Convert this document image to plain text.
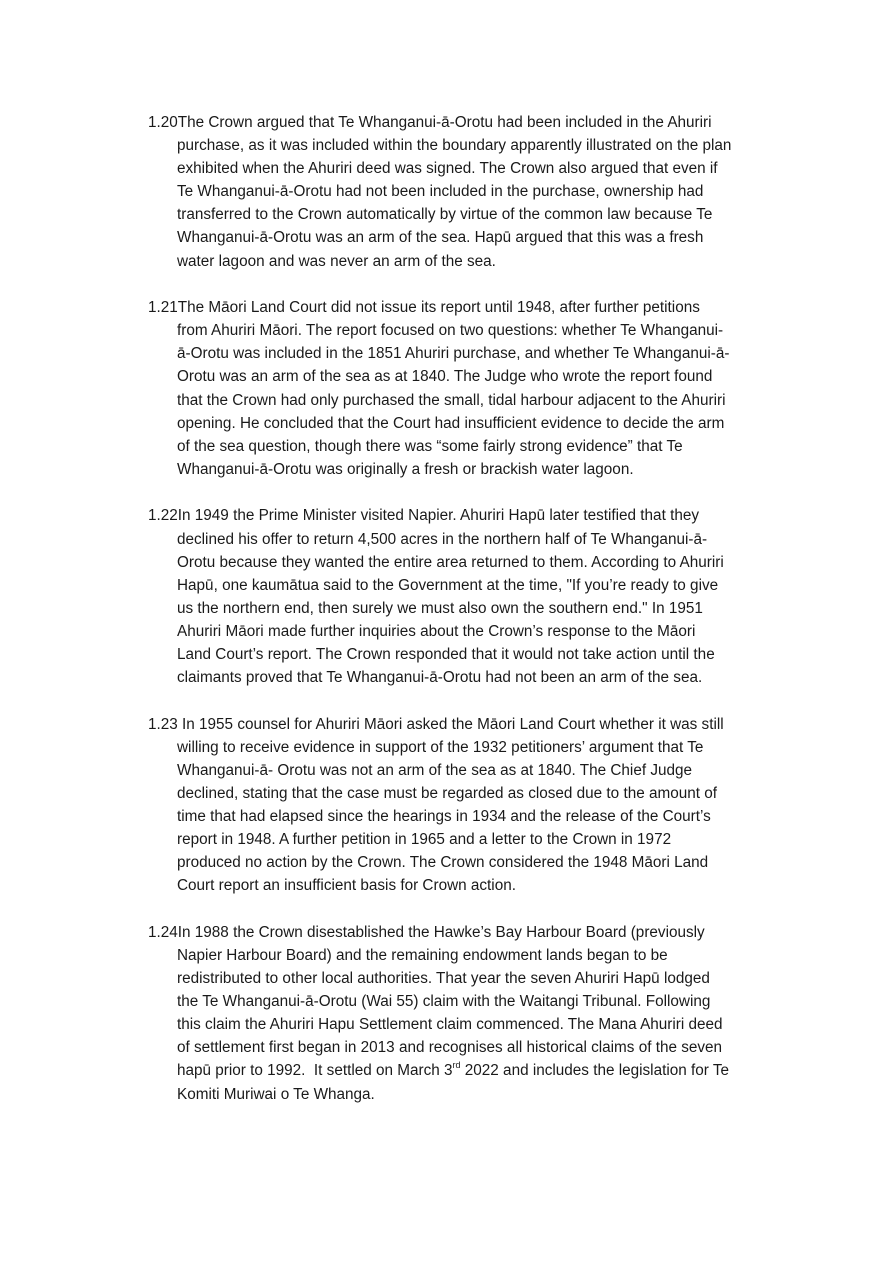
1.20The Crown argued that Te Whanganui-ā-Orotu had been included in the Ahuriri
purchase, as it was included within the boundary apparently illustrated on the plan
exhibited when the Ahuriri deed was signed. The Crown also argued that even if
Te Whanganui-ā-Orotu had not been included in the purchase, ownership had
transferred to the Crown automatically by virtue of the common law because Te
Whanganui-ā-Orotu was an arm of the sea. Hapū argued that this was a fresh
water lagoon and was never an arm of the sea.

1.21The Māori Land Court did not issue its report until 1948, after further petitions
from Ahuriri Māori. The report focused on two questions: whether Te Whanganui-
ā-Orotu was included in the 1851 Ahuriri purchase, and whether Te Whanganui-ā-
Orotu was an arm of the sea as at 1840. The Judge who wrote the report found
that the Crown had only purchased the small, tidal harbour adjacent to the Ahuriri
opening. He concluded that the Court had insufficient evidence to decide the arm
of the sea question, though there was “some fairly strong evidence” that Te
Whanganui-ā-Orotu was originally a fresh or brackish water lagoon.

1.22In 1949 the Prime Minister visited Napier. Ahuriri Hapū later testified that they
declined his offer to return 4,500 acres in the northern half of Te Whanganui-ā-
Orotu because they wanted the entire area returned to them. According to Ahuriri
Hapū, one kaumātua said to the Government at the time, "If you’re ready to give
us the northern end, then surely we must also own the southern end." In 1951
Ahuriri Māori made further inquiries about the Crown’s response to the Māori
Land Court’s report. The Crown responded that it would not take action until the
claimants proved that Te Whanganui-ā-Orotu had not been an arm of the sea.

1.23 In 1955 counsel for Ahuriri Māori asked the Māori Land Court whether it was still
willing to receive evidence in support of the 1932 petitioners’ argument that Te
Whanganui-ā- Orotu was not an arm of the sea as at 1840. The Chief Judge
declined, stating that the case must be regarded as closed due to the amount of
time that had elapsed since the hearings in 1934 and the release of the Court’s
report in 1948. A further petition in 1965 and a letter to the Crown in 1972
produced no action by the Crown. The Crown considered the 1948 Māori Land
Court report an insufficient basis for Crown action.

1.24In 1988 the Crown disestablished the Hawke’s Bay Harbour Board (previously
Napier Harbour Board) and the remaining endowment lands began to be
redistributed to other local authorities. That year the seven Ahuriri Hapū lodged
the Te Whanganui-ā-Orotu (Wai 55) claim with the Waitangi Tribunal. Following
this claim the Ahuriri Hapu Settlement claim commenced. The Mana Ahuriri deed
of settlement first began in 2013 and recognises all historical claims of the seven
hapū prior to 1992.  It settled on March 3rd 2022 and includes the legislation for Te
Komiti Muriwai o Te Whanga.
